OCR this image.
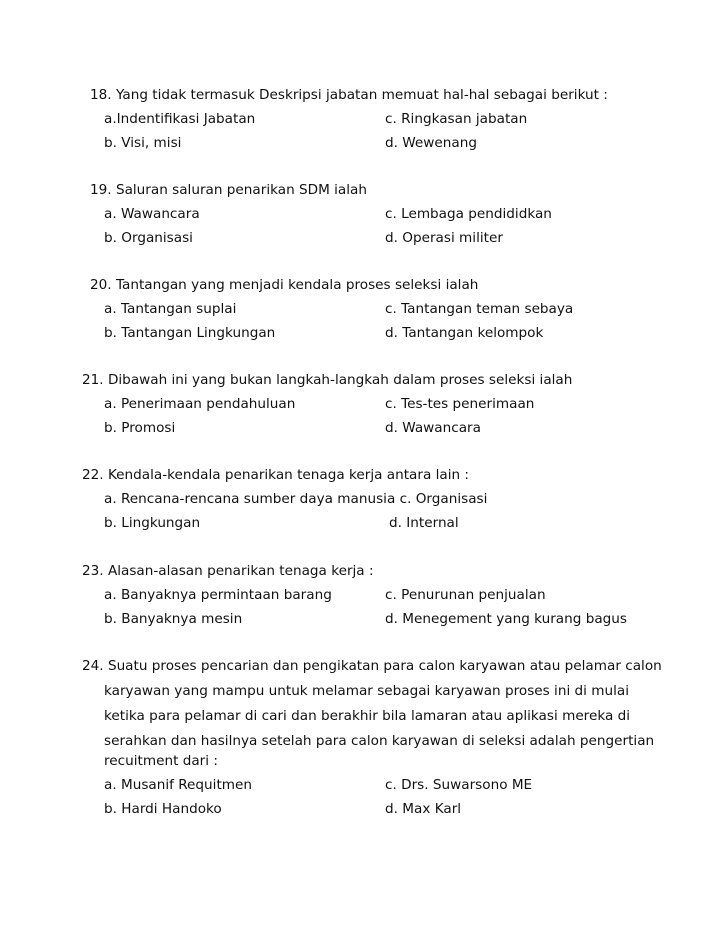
18. Yang tidak termasuk Deskripsi jabatan memuat hal-hal sebagai berikut :
a.Indentifikasi Jabatan	c. Ringkasan jabatan
b. Visi, misi	d. Wewenang
19. Saluran saluran penarikan SDM ialah
a. Wawancara	c. Lembaga pendididkan
b. Organisasi	d. Operasi militer
20. Tantangan yang menjadi kendala proses seleksi ialah
a. Tantangan suplai	c. Tantangan teman sebaya
b. Tantangan Lingkungan	d. Tantangan kelompok
21. Dibawah ini yang bukan langkah-langkah dalam proses seleksi ialah
a. Penerimaan pendahuluan	c. Tes-tes penerimaan
b. Promosi	d. Wawancara
22. Kendala-kendala penarikan tenaga kerja antara lain :
a. Rencana-rencana sumber daya manusia c. Organisasi
b. Lingkungan	d. Internal
23. Alasan-alasan penarikan tenaga kerja :
a. Banyaknya permintaan barang	c. Penurunan penjualan
b. Banyaknya mesin	d. Menegement yang kurang bagus
24. Suatu proses pencarian dan pengikatan para calon karyawan atau pelamar calon
karyawan yang mampu untuk melamar sebagai karyawan proses ini di mulai
ketika para pelamar di cari dan berakhir bila lamaran atau aplikasi mereka di
serahkan dan hasilnya setelah para calon karyawan di seleksi adalah pengertian
recuitment dari :
a. Musanif Requitmen	c. Drs. Suwarsono ME
b. Hardi Handoko	d. Max Karl
